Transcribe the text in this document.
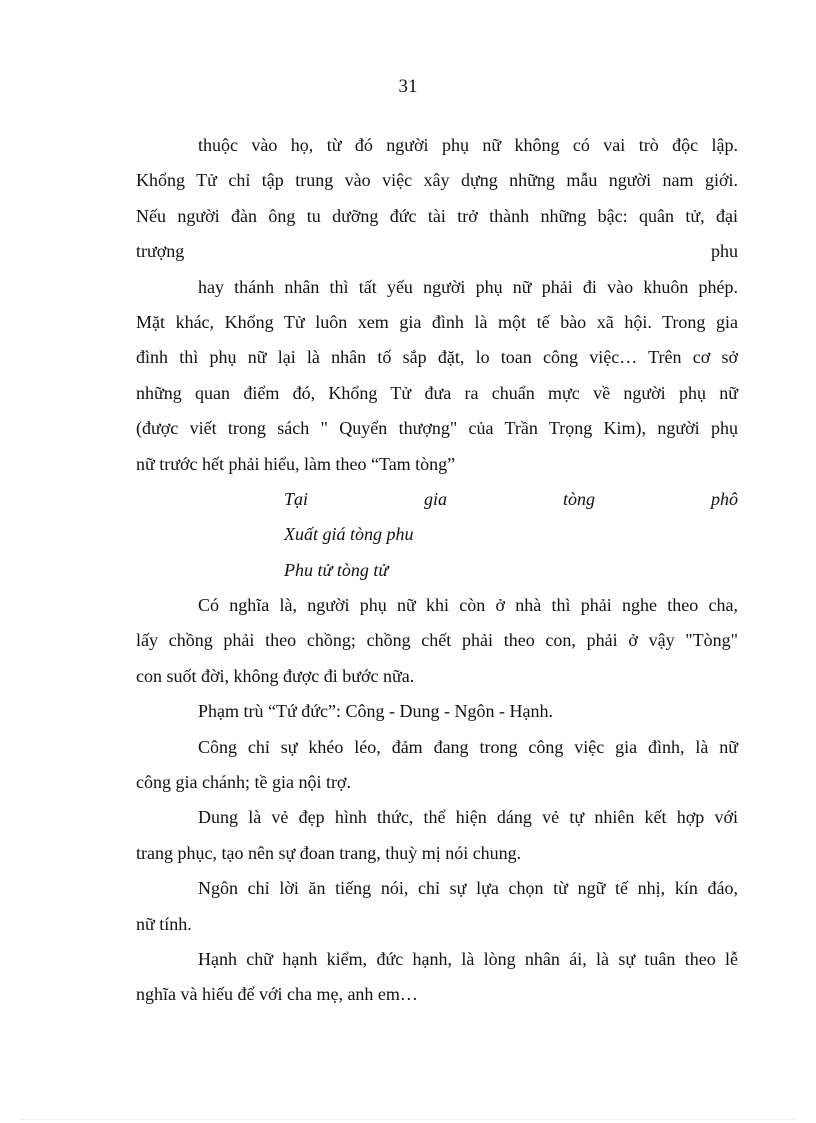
31
thuộc vào họ, từ đó người phụ nữ không có vai trò độc lập.
Khổng Tử chỉ tập trung vào việc xây dựng những mẫu người nam giới.
Nếu người đàn ông tu dưỡng đức tài trở thành những bậc: quân tử, đại
trượng	phu
hay thánh nhân thì tất yếu người phụ nữ phải đi vào khuôn phép.
Mặt khác, Khổng Tử luôn xem gia đình là một tế bào xã hội. Trong gia
đình thì phụ nữ lại là nhân tố sắp đặt, lo toan công việc… Trên cơ sở
những quan điểm đó, Khổng Tử đưa ra chuẩn mực về người phụ nữ
(được viết trong sách " Quyển thượng" của Trần Trọng Kim), người phụ
nữ trước hết phải hiểu, làm theo “Tam tòng”
Tại	gia	tòng	phô
Xuất giá tòng phu
Phu tử tòng tử
Có nghĩa là, người phụ nữ khi còn ở nhà thì phải nghe theo cha,
lấy chồng phải theo chồng; chồng chết phải theo con, phải ở vậy "Tòng"
con suốt đời, không được đi bước nữa.
Phạm trù “Tứ đức”: Công - Dung - Ngôn - Hạnh.
Công chỉ sự khéo léo, đảm đang trong công việc gia đình, là nữ
công gia chánh; tề gia nội trợ.
Dung là vẻ đẹp hình thức, thể hiện dáng vẻ tự nhiên kết hợp với
trang phục, tạo nên sự đoan trang, thuỳ mị nói chung.
Ngôn chỉ lời ăn tiếng nói, chỉ sự lựa chọn từ ngữ tế nhị, kín đáo,
nữ tính.
Hạnh chữ hạnh kiểm, đức hạnh, là lòng nhân ái, là sự tuân theo lễ
nghĩa và hiếu để với cha mẹ, anh em…
